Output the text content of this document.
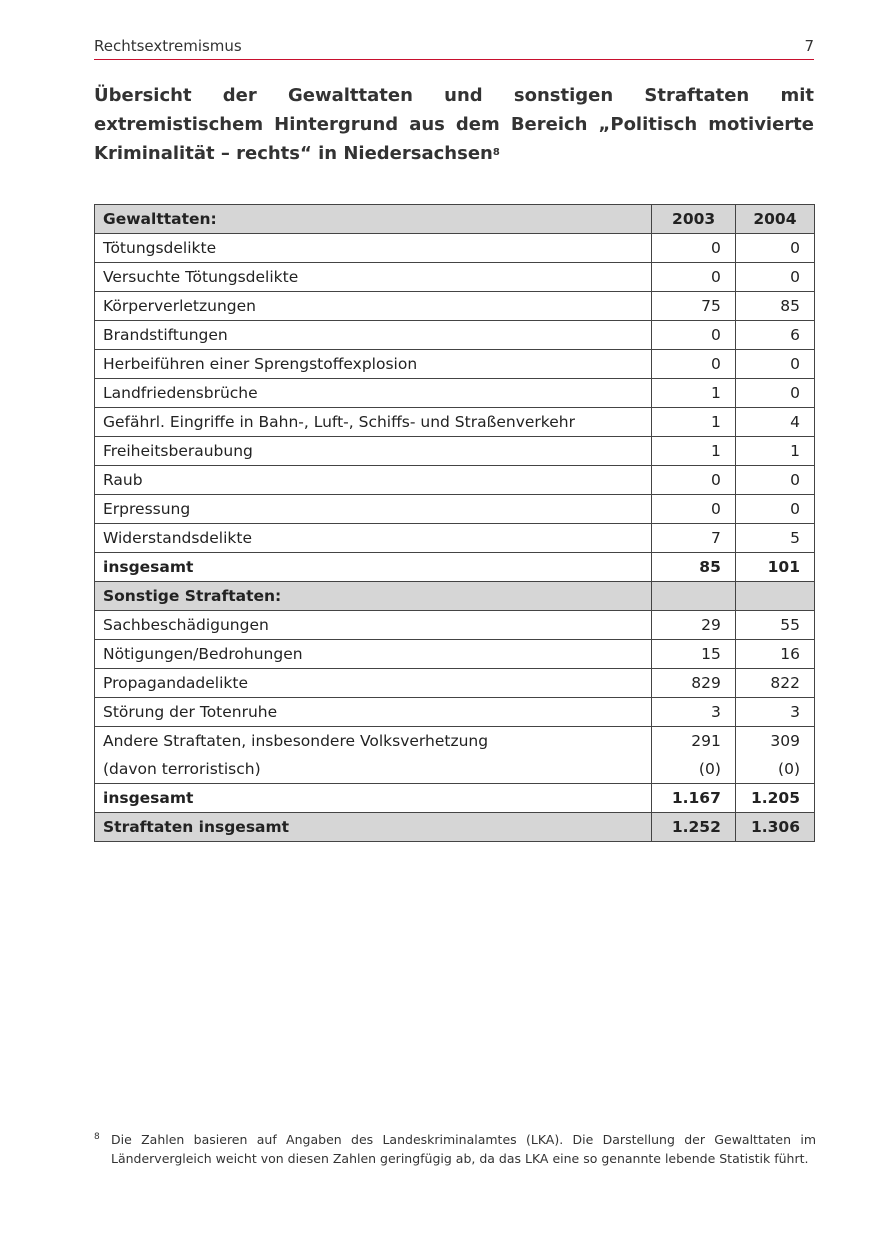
Rechtsextremismus	7
Übersicht der Gewalttaten und sonstigen Straftaten mit extremistischem Hintergrund aus dem Bereich „Politisch motivierte Kriminalität – rechts“ in Niedersachsen$^8$
Gewalttaten:	2003	2004
Tötungsdelikte	0	0
Versuchte Tötungsdelikte	0	0
Körperverletzungen	75	85
Brandstiftungen	0	6
Herbeiführen einer Sprengstoffexplosion	0	0
Landfriedensbrüche	1	0
Gefährl. Eingriffe in Bahn-, Luft-, Schiffs- und Straßenverkehr	1	4
Freiheitsberaubung	1	1
Raub	0	0
Erpressung	0	0
Widerstandsdelikte	7	5
insgesamt	85	101
Sonstige Straftaten:		
Sachbeschädigungen	29	55
Nötigungen/Bedrohungen	15	16
Propagandadelikte	829	822
Störung der Totenruhe	3	3
Andere Straftaten, insbesondere Volksverhetzung	291	309
(davon terroristisch)	(0)	(0)
insgesamt	1.167	1.205
Straftaten insgesamt	1.252	1.306
8 Die Zahlen basieren auf Angaben des Landeskriminalamtes (LKA). Die Darstellung der Gewalttaten im Ländervergleich weicht von diesen Zahlen geringfügig ab, da das LKA eine so genannte lebende Statistik führt.
